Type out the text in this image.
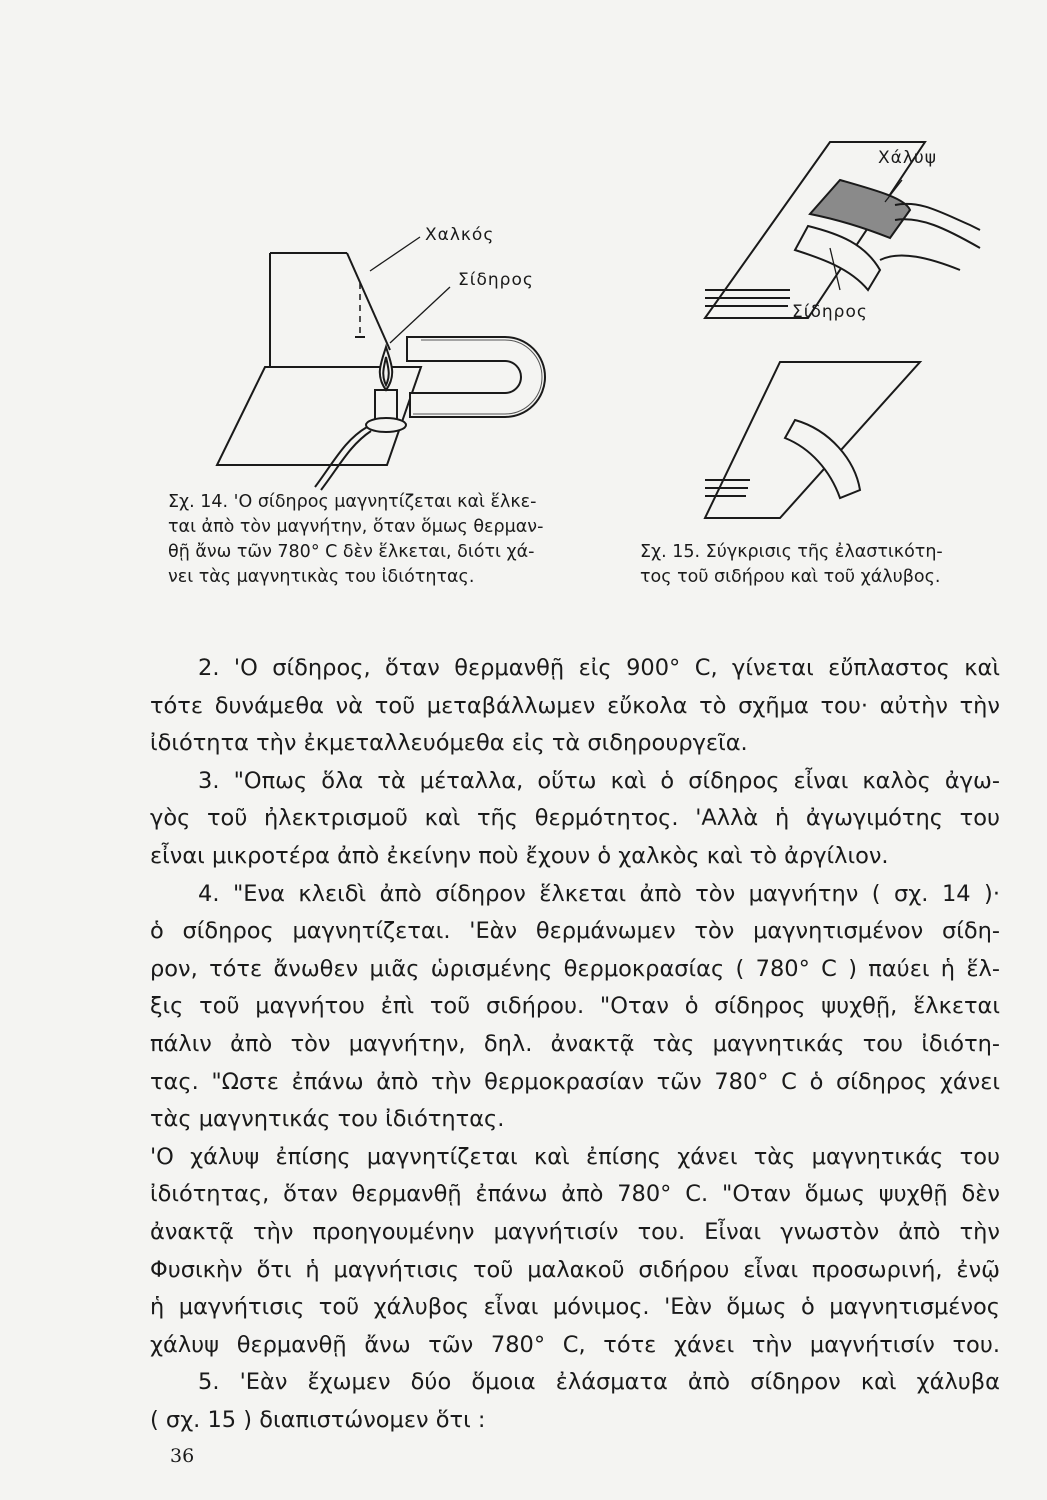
Χαλκός
Σίδηρος
Σχ. 14. 'Ο σίδηρος μαγνητίζεται καὶ ἕλκε-
ται ἀπὸ τὸν μαγνήτην, ὅταν ὅμως θερμαν-
θῇ ἄνω τῶν 780° C δὲν ἕλκεται, διότι χά-
νει τὰς μαγνητικὰς του ἰδιότητας.
Χάλυψ
Σίδηρος
Σχ. 15. Σύγκρισις τῆς ἐλαστικότη-
τος τοῦ σιδήρου καὶ τοῦ χάλυβος.
2. 'Ο σίδηρος, ὅταν θερμανθῇ εἰς 900° C, γίνεται εὔπλαστος καὶ
τότε δυνάμεθα νὰ τοῦ μεταβάλλωμεν εὔκολα τὸ σχῆμα του· αὐτὴν τὴν
ἰδιότητα τὴν ἐκμεταλλευόμεθα εἰς τὰ σιδηρουργεῖα.
3. "Οπως ὅλα τὰ μέταλλα, οὕτω καὶ ὁ σίδηρος εἶναι καλὸς ἀγω-
γὸς τοῦ ἠλεκτρισμοῦ καὶ τῆς θερμότητος. 'Αλλὰ ἡ ἀγωγιμότης του
εἶναι μικροτέρα ἀπὸ ἐκείνην ποὺ ἔχουν ὁ χαλκὸς καὶ τὸ ἀργίλιον.
4. "Ενα κλειδὶ ἀπὸ σίδηρον ἕλκεται ἀπὸ τὸν μαγνήτην ( σχ. 14 )·
ὁ σίδηρος μαγνητίζεται. 'Εὰν θερμάνωμεν τὸν μαγνητισμένον σίδη-
ρον, τότε ἄνωθεν μιᾶς ὡρισμένης θερμοκρασίας ( 780° C ) παύει ἡ ἕλ-
ξις τοῦ μαγνήτου ἐπὶ τοῦ σιδήρου. "Οταν ὁ σίδηρος ψυχθῇ, ἕλκεται
πάλιν ἀπὸ τὸν μαγνήτην, δηλ. ἀνακτᾷ τὰς μαγνητικάς του ἰδιότη-
τας. "Ωστε ἐπάνω ἀπὸ τὴν θερμοκρασίαν τῶν 780° C ὁ σίδηρος χάνει
τὰς μαγνητικάς του ἰδιότητας.
'Ο χάλυψ ἐπίσης μαγνητίζεται καὶ ἐπίσης χάνει τὰς μαγνητικάς του
ἰδιότητας, ὅταν θερμανθῇ ἐπάνω ἀπὸ 780° C. "Οταν ὅμως ψυχθῇ δὲν
ἀνακτᾷ τὴν προηγουμένην μαγνήτισίν του. Εἶναι γνωστὸν ἀπὸ τὴν
Φυσικὴν ὅτι ἡ μαγνήτισις τοῦ μαλακοῦ σιδήρου εἶναι προσωρινή, ἐνῷ
ἡ μαγνήτισις τοῦ χάλυβος εἶναι μόνιμος. 'Εὰν ὅμως ὁ μαγνητισμένος
χάλυψ θερμανθῇ ἄνω τῶν 780° C, τότε χάνει τὴν μαγνήτισίν του.
5. 'Εὰν ἔχωμεν δύο ὅμοια ἐλάσματα ἀπὸ σίδηρον καὶ χάλυβα
( σχ. 15 ) διαπιστώνομεν ὅτι :
36
